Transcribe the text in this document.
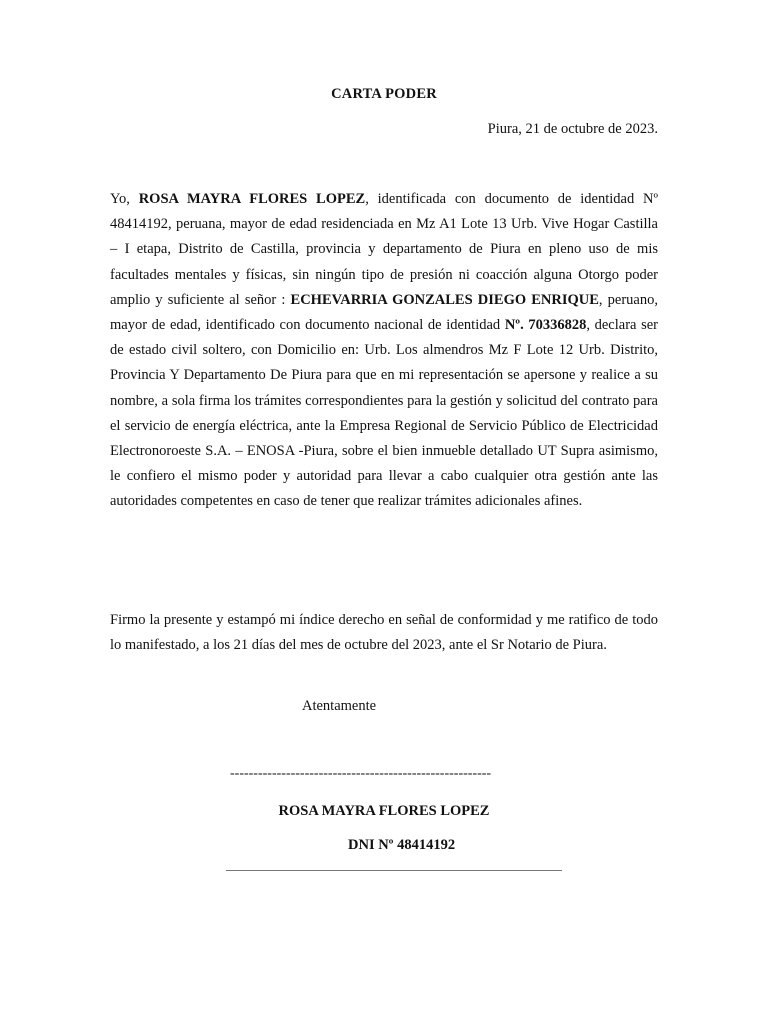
CARTA PODER
Piura, 21 de octubre de 2023.

Yo, ROSA MAYRA FLORES LOPEZ, identificada con documento de identidad Nº 48414192, peruana, mayor de edad residenciada en Mz A1 Lote 13 Urb. Vive Hogar Castilla – I etapa, Distrito de Castilla, provincia y departamento de Piura en pleno uso de mis facultades mentales y físicas, sin ningún tipo de presión ni coacción alguna Otorgo poder amplio y suficiente al señor : ECHEVARRIA GONZALES DIEGO ENRIQUE, peruano, mayor de edad, identificado con documento nacional de identidad Nº. 70336828, declara ser de estado civil soltero, con Domicilio en: Urb. Los almendros Mz F Lote 12 Urb. Distrito, Provincia Y Departamento De Piura para que en mi representación se apersone y realice a su nombre, a sola firma los trámites correspondientes para la gestión y solicitud del contrato para el servicio de energía eléctrica, ante la Empresa Regional de Servicio Público de Electricidad Electronoroeste S.A. – ENOSA -Piura, sobre el bien inmueble detallado UT Supra asimismo, le confiero el mismo poder y autoridad para llevar a cabo cualquier otra gestión ante las autoridades competentes en caso de tener que realizar trámites adicionales afines.

Firmo la presente y estampó mi índice derecho en señal de conformidad y me ratifico de todo lo manifestado, a los 21 días del mes de octubre del 2023, ante el Sr Notario de Piura.

Atentamente
--------------------------------------------------------
ROSA MAYRA FLORES LOPEZ
DNI Nº 48414192
